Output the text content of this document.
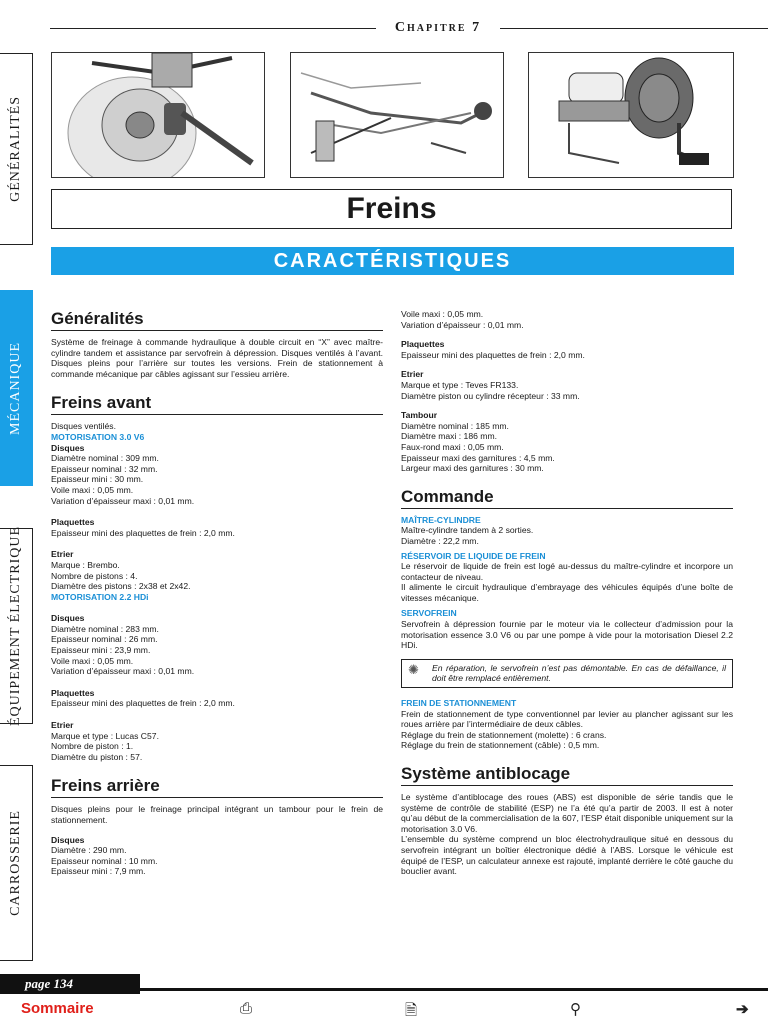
Chapitre 7
Freins
CARACTÉRISTIQUES
GÉNÉRALITÉS
MÉCANIQUE
ÉQUIPEMENT ÉLECTRIQUE
CARROSSERIE
Généralités

Système de freinage à commande hydraulique à double circuit en “X” avec maître-cylindre tandem et assistance par servofrein à dépression. Disques ventilés à l’avant. Disques pleins pour l’arrière sur toutes les versions. Frein de stationnement à commande mécanique par câbles agissant sur l’essieu arrière.

Freins avant

Disques ventilés.

MOTORISATION 3.0 V6

Disques

Diamètre nominal : 309 mm.

Epaisseur nominal : 32 mm.

Epaisseur mini : 30 mm.

Voile maxi : 0,05 mm.

Variation d’épaisseur maxi : 0,01 mm.

Plaquettes

Epaisseur mini des plaquettes de frein : 2,0 mm.

Etrier

Marque : Brembo.

Nombre de pistons : 4.

Diamètre des pistons : 2x38 et 2x42.

MOTORISATION 2.2 HDi

Disques

Diamètre nominal : 283 mm.

Epaisseur nominal : 26 mm.

Epaisseur mini : 23,9 mm.

Voile maxi : 0,05 mm.

Variation d’épaisseur maxi : 0,01 mm.

Plaquettes

Epaisseur mini des plaquettes de frein : 2,0 mm.

Etrier

Marque et type : Lucas C57.

Nombre de piston : 1.

Diamètre du piston : 57.

Freins arrière

Disques pleins pour le freinage principal intégrant un tambour pour le frein de stationnement.

Disques

Diamètre : 290 mm.

Epaisseur nominal : 10 mm.

Epaisseur mini : 7,9 mm.

Voile maxi : 0,05 mm.

Variation d’épaisseur : 0,01 mm.

Plaquettes

Epaisseur mini des plaquettes de frein : 2,0 mm.

Etrier

Marque et type : Teves FR133.

Diamètre piston ou cylindre récepteur : 33 mm.

Tambour

Diamètre nominal : 185 mm.

Diamètre maxi : 186 mm.

Faux-rond maxi : 0,05 mm.

Epaisseur maxi des garnitures : 4,5 mm.

Largeur maxi des garnitures : 30 mm.

Commande

MAÎTRE-CYLINDRE

Maître-cylindre tandem à 2 sorties.

Diamètre : 22,2 mm.

RÉSERVOIR DE LIQUIDE DE FREIN

Le réservoir de liquide de frein est logé au-dessus du maître-cylindre et incorpore un contacteur de niveau.

Il alimente le circuit hydraulique d’embrayage des véhicules équipés d’une boîte de vitesses mécanique.

SERVOFREIN

Servofrein à dépression fournie par le moteur via le collecteur d’admission pour la motorisation essence 3.0 V6 ou par une pompe à vide pour la motorisation Diesel 2.2 HDi.

✺ En réparation, le servofrein n’est pas démontable. En cas de défaillance, il doit être remplacé entièrement.

FREIN DE STATIONNEMENT

Frein de stationnement de type conventionnel par levier au plancher agissant sur les roues arrière par l’intermédiaire de deux câbles.

Réglage du frein de stationnement (molette) : 6 crans.

Réglage du frein de stationnement (câble) : 0,5 mm.

Système antiblocage

Le système d’antiblocage des roues (ABS) est disponible de série tandis que le système de contrôle de stabilité (ESP) ne l’a été qu’a partir de 2003. Il est à noter qu’au début de la commercialisation de la 607, l’ESP était disponible uniquement sur la motorisation 3.0 V6.

L’ensemble du système comprend un bloc électrohydraulique situé en dessous du servofrein intégrant un boîtier électronique dédié à l’ABS. Lorsque le véhicule est équipé de l’ESP, un calculateur annexe est rajouté, implanté derrière le côté gauche du bouclier avant.

page 134
Sommaire	⎙	🗎	⚲	➔
